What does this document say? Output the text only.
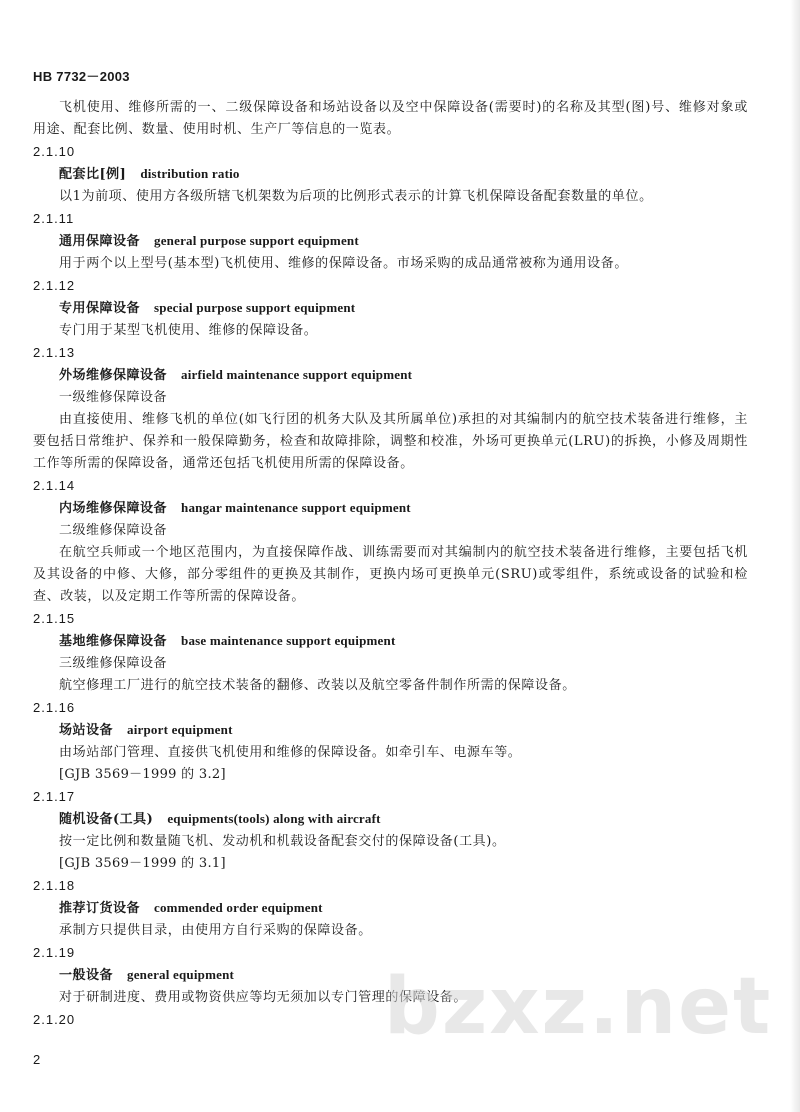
HB 7732－2003

飞机使用、维修所需的一、二级保障设备和场站设备以及空中保障设备(需要时)的名称及其型(图)号、维修对象或用途、配套比例、数量、使用时机、生产厂等信息的一览表。

2.1.10
配套比[例] distribution ratio
以1为前项、使用方各级所辖飞机架数为后项的比例形式表示的计算飞机保障设备配套数量的单位。
2.1.11
通用保障设备 general purpose support equipment
用于两个以上型号(基本型)飞机使用、维修的保障设备。市场采购的成品通常被称为通用设备。
2.1.12
专用保障设备 special purpose support equipment
专门用于某型飞机使用、维修的保障设备。
2.1.13
外场维修保障设备 airfield maintenance support equipment
一级维修保障设备
由直接使用、维修飞机的单位(如飞行团的机务大队及其所属单位)承担的对其编制内的航空技术装备进行维修，主要包括日常维护、保养和一般保障勤务，检查和故障排除，调整和校准，外场可更换单元(LRU)的拆换，小修及周期性工作等所需的保障设备，通常还包括飞机使用所需的保障设备。
2.1.14
内场维修保障设备 hangar maintenance support equipment
二级维修保障设备
在航空兵师或一个地区范围内，为直接保障作战、训练需要而对其编制内的航空技术装备进行维修，主要包括飞机及其设备的中修、大修，部分零组件的更换及其制作，更换内场可更换单元(SRU)或零组件，系统或设备的试验和检查、改装，以及定期工作等所需的保障设备。
2.1.15
基地维修保障设备 base maintenance support equipment
三级维修保障设备
航空修理工厂进行的航空技术装备的翻修、改装以及航空零备件制作所需的保障设备。
2.1.16
场站设备 airport equipment
由场站部门管理、直接供飞机使用和维修的保障设备。如牵引车、电源车等。
[GJB 3569－1999 的 3.2]
2.1.17
随机设备(工具) equipments(tools) along with aircraft
按一定比例和数量随飞机、发动机和机载设备配套交付的保障设备(工具)。
[GJB 3569－1999 的 3.1]
2.1.18
推荐订货设备 commended order equipment
承制方只提供目录，由使用方自行采购的保障设备。
2.1.19
一般设备 general equipment
对于研制进度、费用或物资供应等均无须加以专门管理的保障设备。
2.1.20
2
bzxz.net
